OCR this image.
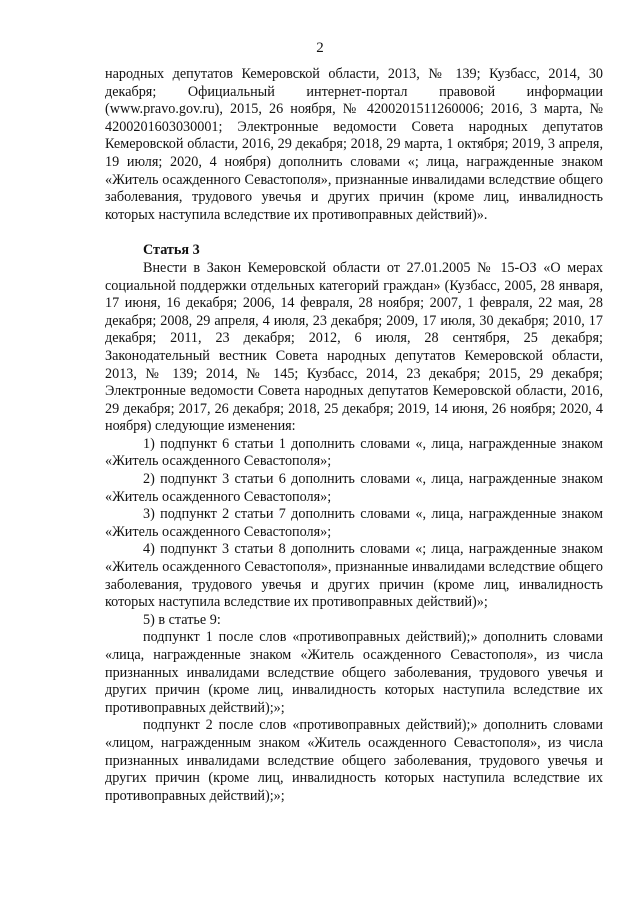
2

народных депутатов Кемеровской области, 2013, № 139; Кузбасс, 2014, 30 декабря; Официальный интернет-портал правовой информации (www.pravo.gov.ru), 2015, 26 ноября, № 4200201511260006; 2016, 3 марта, № 4200201603030001; Электронные ведомости Совета народных депутатов Кемеровской области, 2016, 29 декабря; 2018, 29 марта, 1 октября; 2019, 3 апреля, 19 июля; 2020, 4 ноября) дополнить словами «; лица, награжденные знаком «Житель осажденного Севастополя», признанные инвалидами вследствие общего заболевания, трудового увечья и других причин (кроме лиц, инвалидность которых наступила вследствие их противоправных действий)».

Статья 3

Внести в Закон Кемеровской области от 27.01.2005 № 15-ОЗ «О мерах социальной поддержки отдельных категорий граждан» (Кузбасс, 2005, 28 января, 17 июня, 16 декабря; 2006, 14 февраля, 28 ноября; 2007, 1 февраля, 22 мая, 28 декабря; 2008, 29 апреля, 4 июля, 23 декабря; 2009, 17 июля, 30 декабря; 2010, 17 декабря; 2011, 23 декабря; 2012, 6 июля, 28 сентября, 25 декабря; Законодательный вестник Совета народных депутатов Кемеровской области, 2013, № 139; 2014, № 145; Кузбасс, 2014, 23 декабря; 2015, 29 декабря; Электронные ведомости Совета народных депутатов Кемеровской области, 2016, 29 декабря; 2017, 26 декабря; 2018, 25 декабря; 2019, 14 июня, 26 ноября; 2020, 4 ноября) следующие изменения:

1) подпункт 6 статьи 1 дополнить словами «, лица, награжденные знаком «Житель осажденного Севастополя»;

2) подпункт 3 статьи 6 дополнить словами «, лица, награжденные знаком «Житель осажденного Севастополя»;

3) подпункт 2 статьи 7 дополнить словами «, лица, награжденные знаком «Житель осажденного Севастополя»;

4) подпункт 3 статьи 8 дополнить словами «; лица, награжденные знаком «Житель осажденного Севастополя», признанные инвалидами вследствие общего заболевания, трудового увечья и других причин (кроме лиц, инвалидность которых наступила вследствие их противоправных действий)»;

5) в статье 9:

подпункт 1 после слов «противоправных действий);» дополнить словами «лица, награжденные знаком «Житель осажденного Севастополя», из числа признанных инвалидами вследствие общего заболевания, трудового увечья и других причин (кроме лиц, инвалидность которых наступила вследствие их противоправных действий);»;

подпункт 2 после слов «противоправных действий);» дополнить словами «лицом, награжденным знаком «Житель осажденного Севастополя», из числа признанных инвалидами вследствие общего заболевания, трудового увечья и других причин (кроме лиц, инвалидность которых наступила вследствие их противоправных действий);»;
